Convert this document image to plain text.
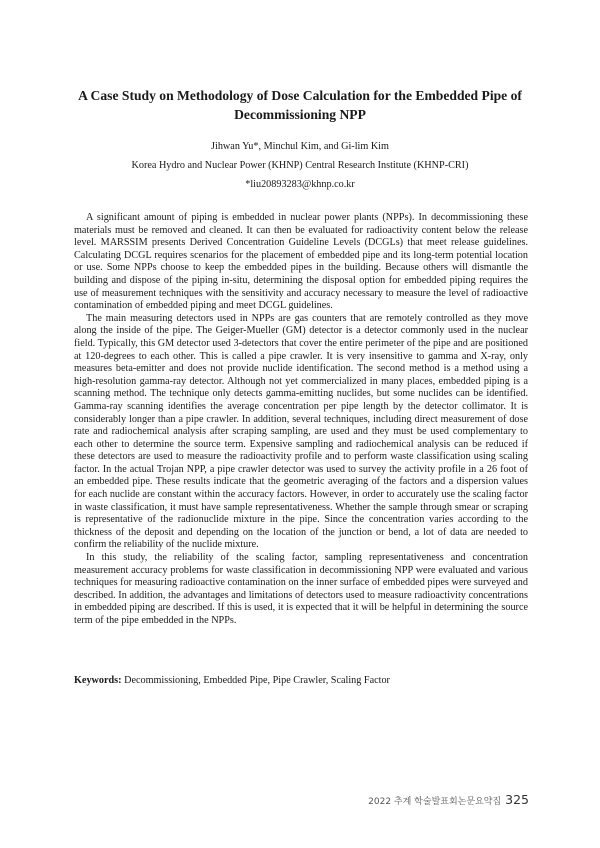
A Case Study on Methodology of Dose Calculation for the Embedded Pipe of Decommissioning NPP
Jihwan Yu*, Minchul Kim, and Gi-lim Kim
Korea Hydro and Nuclear Power (KHNP) Central Research Institute (KHNP-CRI)
*liu20893283@khnp.co.kr

A significant amount of piping is embedded in nuclear power plants (NPPs). In decommissioning these materials must be removed and cleaned. It can then be evaluated for radioactivity content below the release level. MARSSIM presents Derived Concentration Guideline Levels (DCGLs) that meet release guidelines. Calculating DCGL requires scenarios for the placement of embedded pipe and its long-term potential location or use. Some NPPs choose to keep the embedded pipes in the building. Because others will dismantle the building and dispose of the piping in-situ, determining the disposal option for embedded piping requires the use of measurement techniques with the sensitivity and accuracy necessary to measure the level of radioactive contamination of embedded piping and meet DCGL guidelines.

The main measuring detectors used in NPPs are gas counters that are remotely controlled as they move along the inside of the pipe. The Geiger-Mueller (GM) detector is a detector commonly used in the nuclear field. Typically, this GM detector used 3-detectors that cover the entire perimeter of the pipe and are positioned at 120-degrees to each other. This is called a pipe crawler. It is very insensitive to gamma and X-ray, only measures beta-emitter and does not provide nuclide identification. The second method is a method using a high-resolution gamma-ray detector. Although not yet commercialized in many places, embedded piping is a scanning method. The technique only detects gamma-emitting nuclides, but some nuclides can be identified. Gamma-ray scanning identifies the average concentration per pipe length by the detector collimator. It is considerably longer than a pipe crawler. In addition, several techniques, including direct measurement of dose rate and radiochemical analysis after scraping sampling, are used and they must be used complementary to each other to determine the source term. Expensive sampling and radiochemical analysis can be reduced if these detectors are used to measure the radioactivity profile and to perform waste classification using scaling factor. In the actual Trojan NPP, a pipe crawler detector was used to survey the activity profile in a 26 foot of an embedded pipe. These results indicate that the geometric averaging of the factors and a dispersion values for each nuclide are constant within the accuracy factors. However, in order to accurately use the scaling factor in waste classification, it must have sample representativeness. Whether the sample through smear or scraping is representative of the radionuclide mixture in the pipe. Since the concentration varies according to the thickness of the deposit and depending on the location of the junction or bend, a lot of data are needed to confirm the reliability of the nuclide mixture.

In this study, the reliability of the scaling factor, sampling representativeness and concentration measurement accuracy problems for waste classification in decommissioning NPP were evaluated and various techniques for measuring radioactive contamination on the inner surface of embedded pipes were surveyed and described. In addition, the advantages and limitations of detectors used to measure radioactivity concentrations in embedded piping are described. If this is used, it is expected that it will be helpful in determining the source term of the pipe embedded in the NPPs.

Keywords: Decommissioning, Embedded Pipe, Pipe Crawler, Scaling Factor
2022 추계 학술발표회논문요약집 325
